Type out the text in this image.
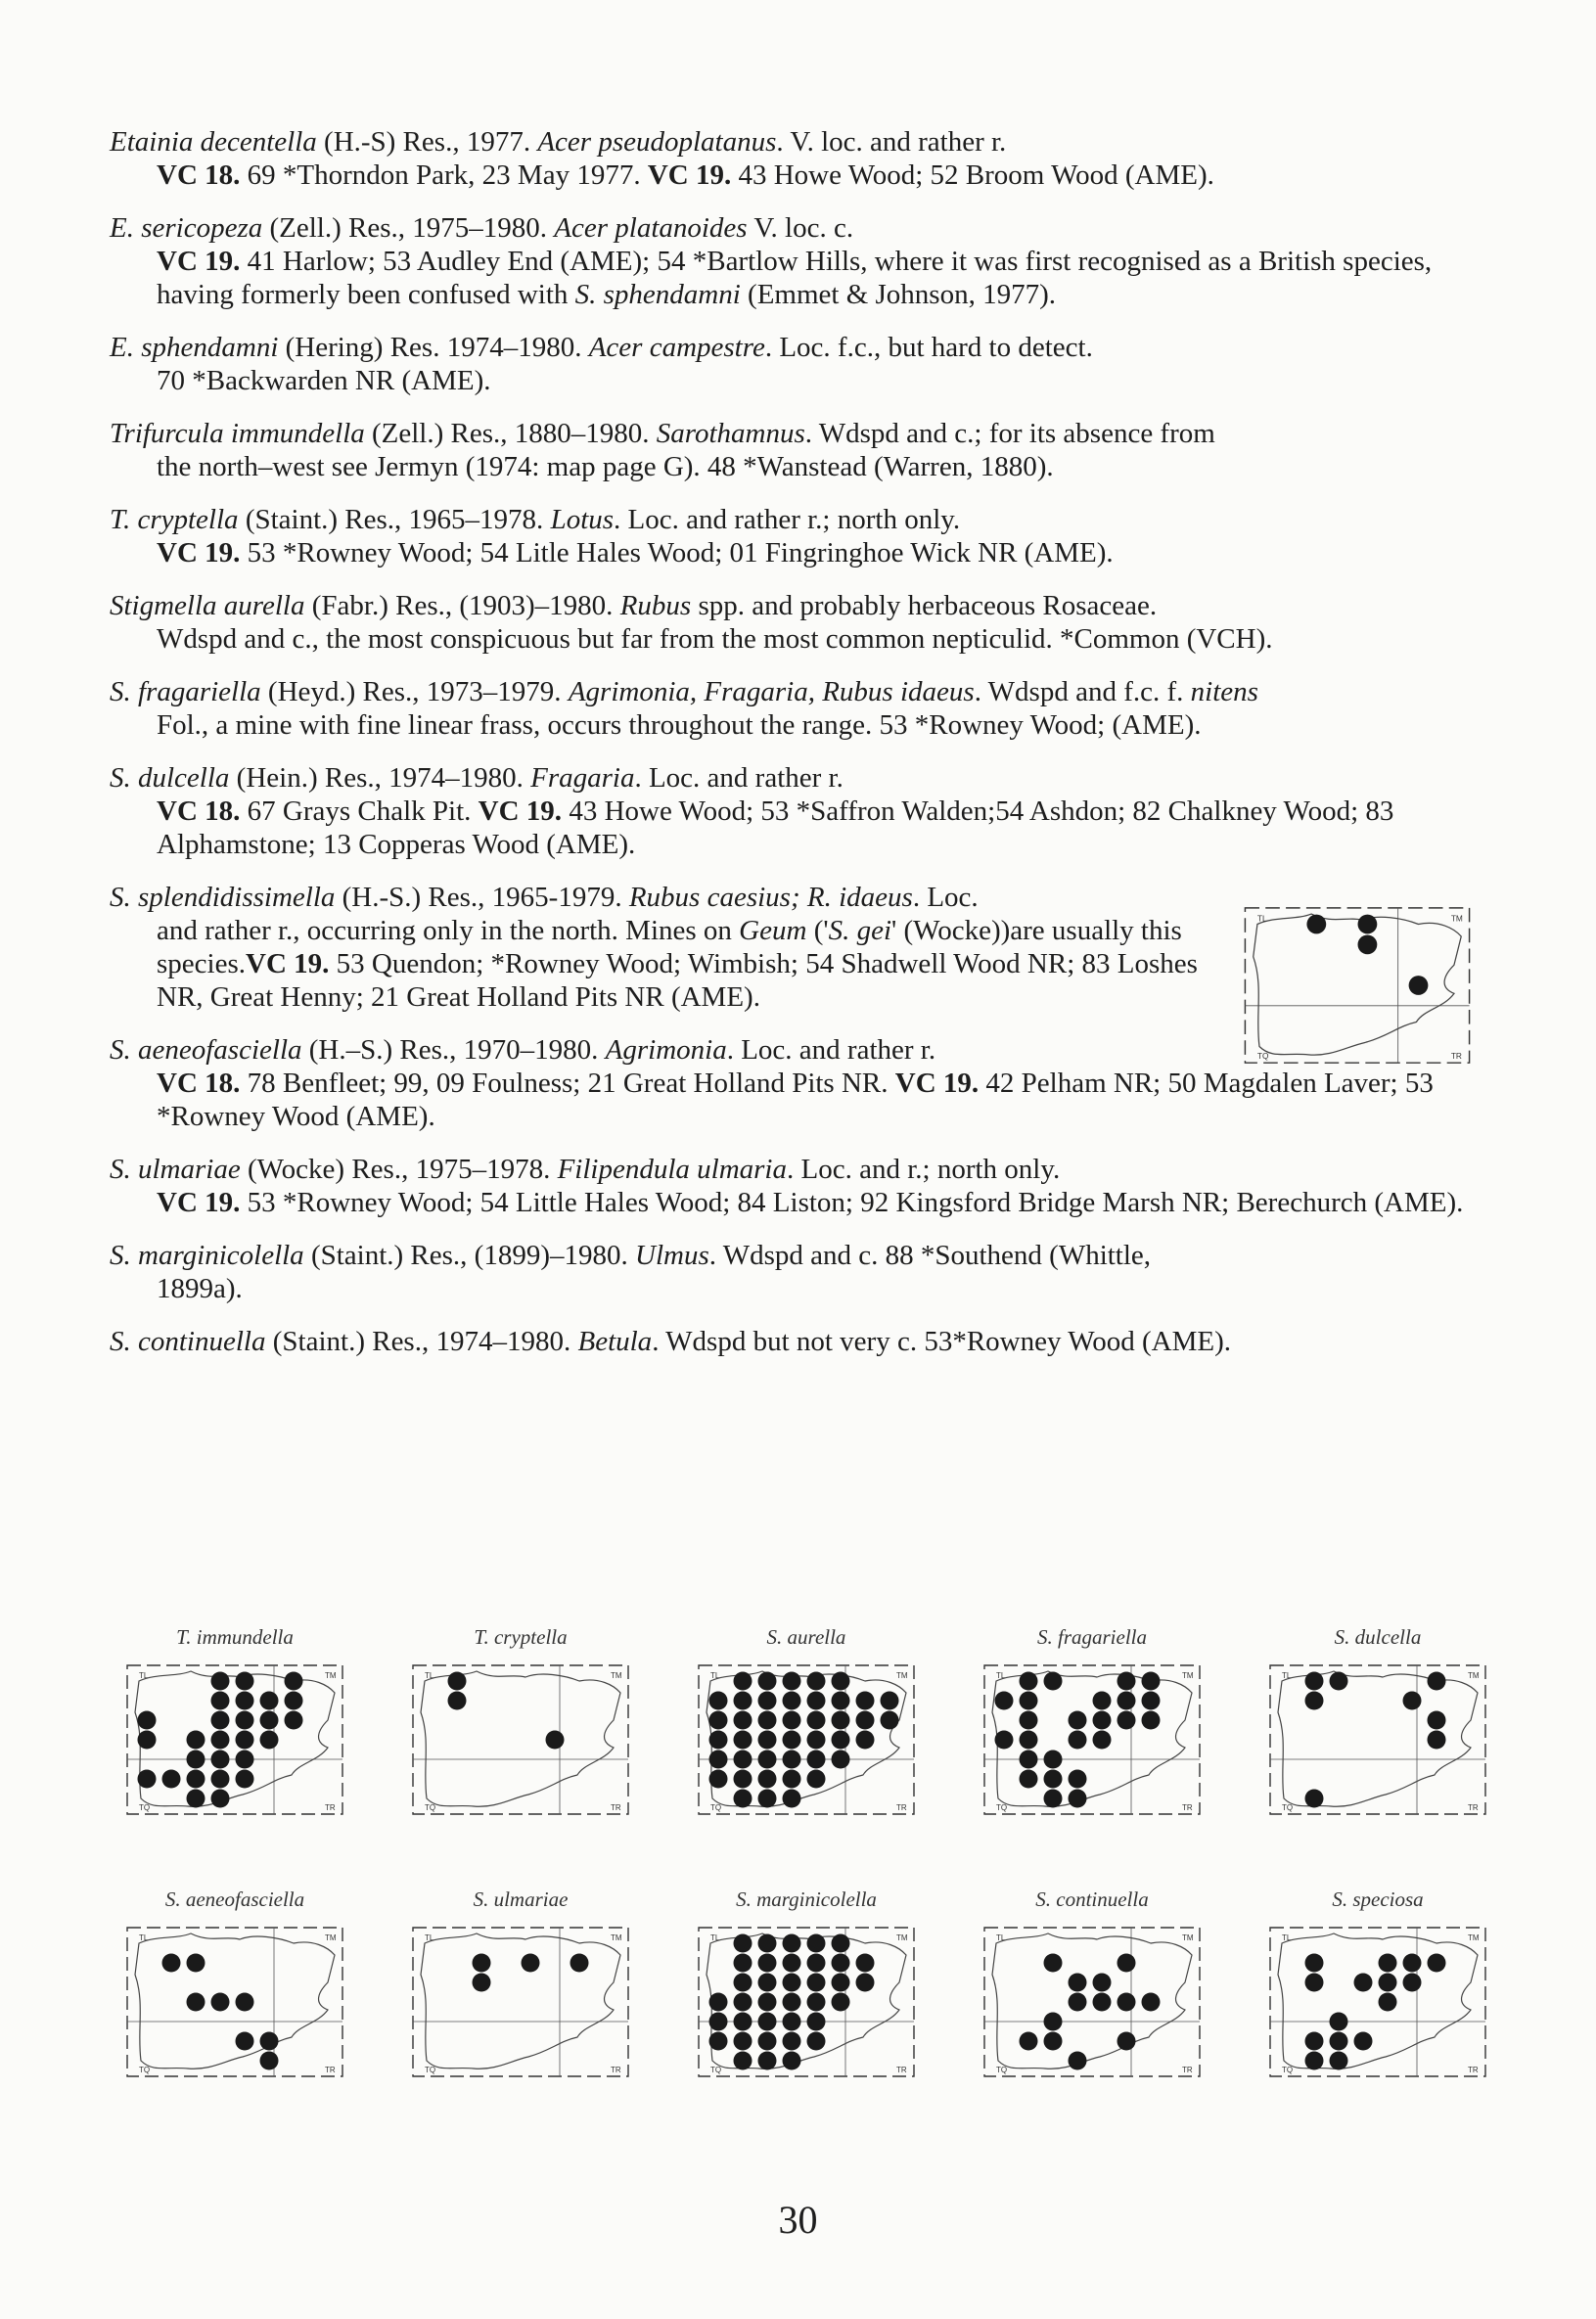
Etainia decentella (H.-S) Res., 1977. Acer pseudoplatanus. V. loc. and rather r.

VC 18. 69 *Thorndon Park, 23 May 1977. VC 19. 43 Howe Wood; 52 Broom Wood (AME).

E. sericopeza (Zell.) Res., 1975–1980. Acer platanoides V. loc. c.

VC 19. 41 Harlow; 53 Audley End (AME); 54 *Bartlow Hills, where it was first recognised as a British species, having formerly been confused with S. sphendamni (Emmet & Johnson, 1977).

E. sphendamni (Hering) Res. 1974–1980. Acer campestre. Loc. f.c., but hard to detect.

70 *Backwarden NR (AME).

Trifurcula immundella (Zell.) Res., 1880–1980. Sarothamnus. Wdspd and c.; for its absence from

the north–west see Jermyn (1974: map page G). 48 *Wanstead (Warren, 1880).

T. cryptella (Staint.) Res., 1965–1978. Lotus. Loc. and rather r.; north only.

VC 19. 53 *Rowney Wood; 54 Litle Hales Wood; 01 Fingringhoe Wick NR (AME).

Stigmella aurella (Fabr.) Res., (1903)–1980. Rubus spp. and probably herbaceous Rosaceae.

Wdspd and c., the most conspicuous but far from the most common nepticulid. *Common (VCH).

S. fragariella (Heyd.) Res., 1973–1979. Agrimonia, Fragaria, Rubus idaeus. Wdspd and f.c. f. nitens

Fol., a mine with fine linear frass, occurs throughout the range. 53 *Rowney Wood; (AME).

S. dulcella (Hein.) Res., 1974–1980. Fragaria. Loc. and rather r.

VC 18. 67 Grays Chalk Pit. VC 19. 43 Howe Wood; 53 *Saffron Walden;54 Ashdon; 82 Chalkney Wood; 83 Alphamstone; 13 Copperas Wood (AME).

S. splendidissimella (H.-S.) Res., 1965-1979. Rubus caesius; R. idaeus. Loc.

and rather r., occurring only in the north. Mines on Geum ('S. gei' (Wocke))are usually this species.VC 19. 53 Quendon; *Rowney Wood; Wimbish; 54 Shadwell Wood NR; 83 Loshes NR, Great Henny; 21 Great Holland Pits NR (AME).

TL	TM
TQ	TR

S. aeneofasciella (H.–S.) Res., 1970–1980. Agrimonia. Loc. and rather r.

VC 18. 78 Benfleet; 99, 09 Foulness; 21 Great Holland Pits NR. VC 19. 42 Pelham NR; 50 Magdalen Laver; 53 *Rowney Wood (AME).

S. ulmariae (Wocke) Res., 1975–1978. Filipendula ulmaria. Loc. and r.; north only.

VC 19. 53 *Rowney Wood; 54 Little Hales Wood; 84 Liston; 92 Kingsford Bridge Marsh NR; Berechurch (AME).

S. marginicolella (Staint.) Res., (1899)–1980. Ulmus. Wdspd and c. 88 *Southend (Whittle,

1899a).

S. continuella (Staint.) Res., 1974–1980. Betula. Wdspd but not very c. 53*Rowney Wood (AME).

T. immundella
TL	TM
TQ	TR
T. cryptella
TL	TM
TQ	TR
S. aurella
TL	TM
TQ	TR
S. fragariella
TL	TM
TQ	TR
S. dulcella
TL	TM
TQ	TR
S. aeneofasciella
TL	TM
TQ	TR
S. ulmariae
TL	TM
TQ	TR
S. marginicolella
TL	TM
TQ	TR
S. continuella
TL	TM
TQ	TR
S. speciosa
TL	TM
TQ	TR
30
